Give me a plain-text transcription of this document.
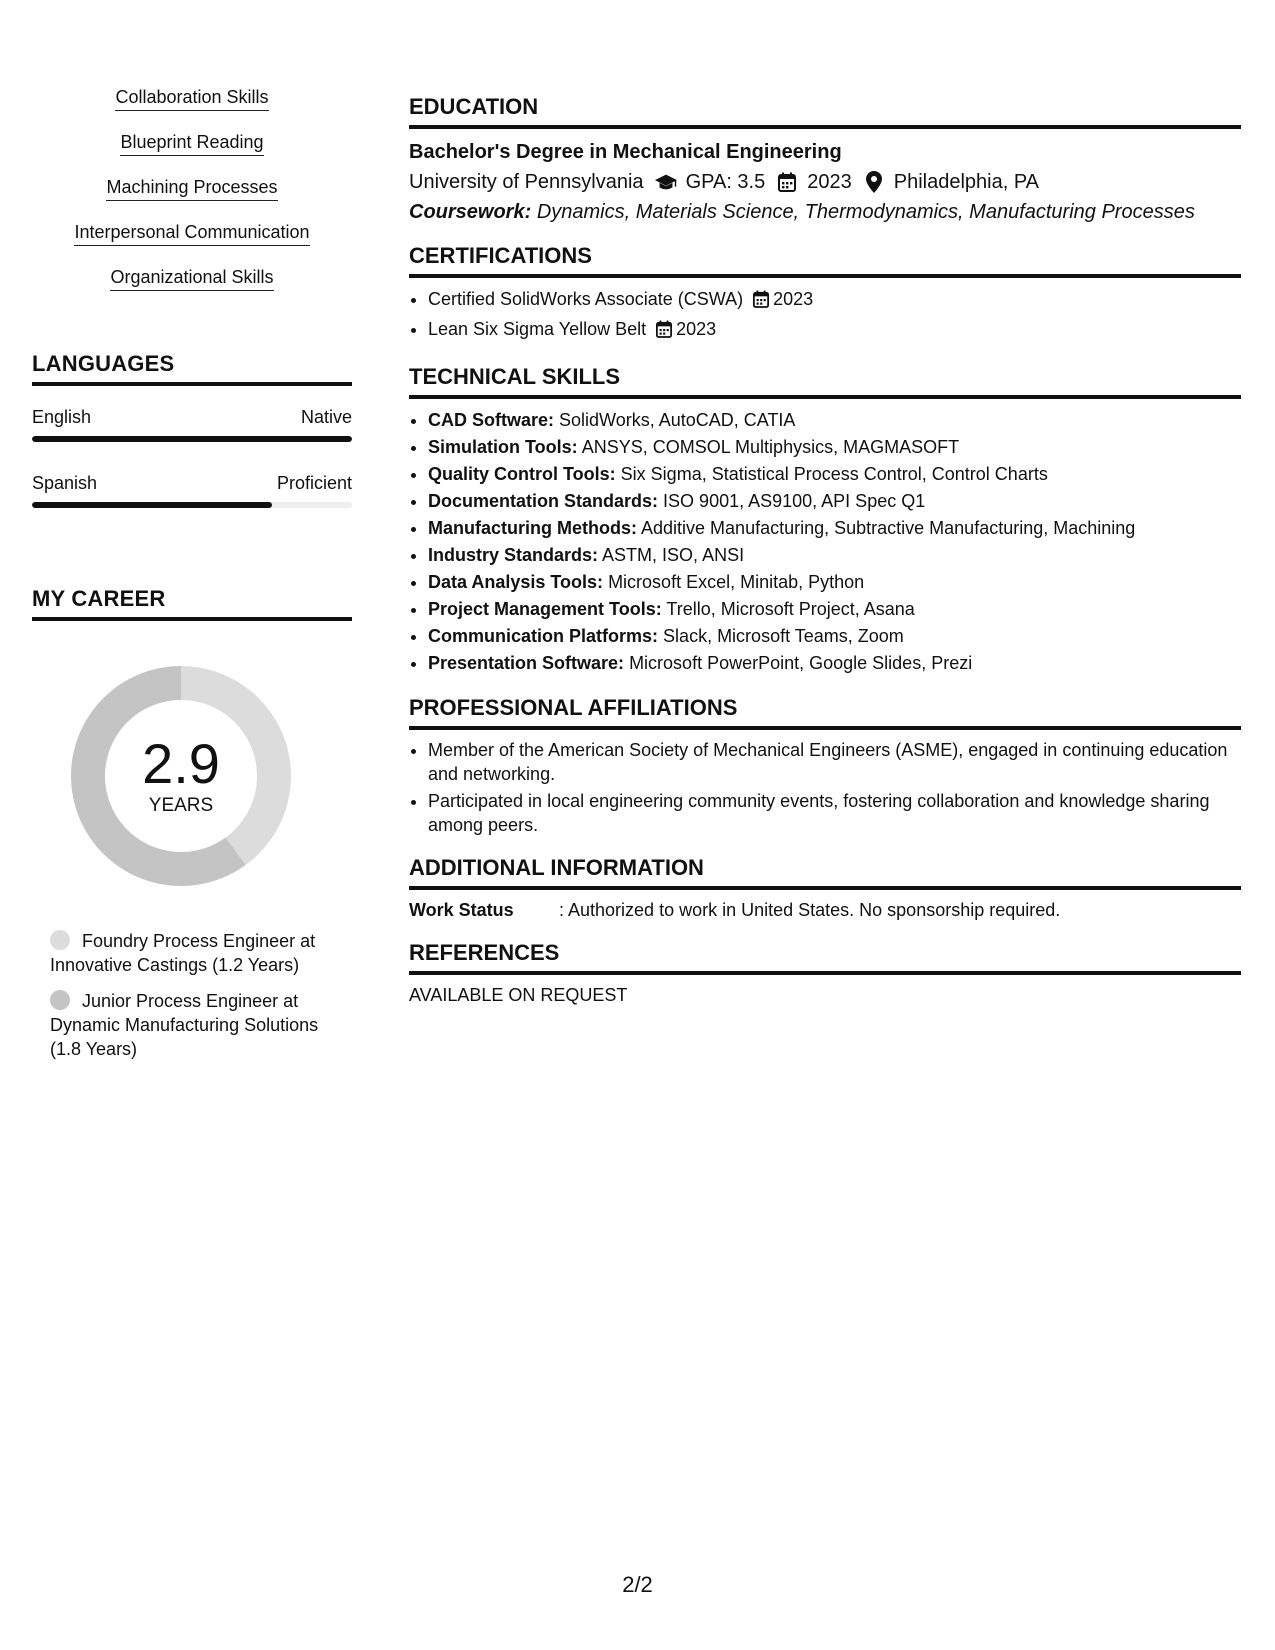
Collaboration Skills
Blueprint Reading
Machining Processes
Interpersonal Communication
Organizational Skills
LANGUAGES
English	Native
Spanish	Proficient
MY CAREER
2.9
YEARS
Foundry Process Engineer at Innovative Castings (1.2 Years)
Junior Process Engineer at Dynamic Manufacturing Solutions (1.8 Years)
EDUCATION
Bachelor's Degree in Mechanical Engineering
University of Pennsylvania GPA: 3.5 2023 Philadelphia, PA
Coursework: Dynamics, Materials Science, Thermodynamics, Manufacturing Processes
CERTIFICATIONS
• Certified SolidWorks Associate (CSWA) 2023
• Lean Six Sigma Yellow Belt 2023
TECHNICAL SKILLS
• CAD Software: SolidWorks, AutoCAD, CATIA
• Simulation Tools: ANSYS, COMSOL Multiphysics, MAGMASOFT
• Quality Control Tools: Six Sigma, Statistical Process Control, Control Charts
• Documentation Standards: ISO 9001, AS9100, API Spec Q1
• Manufacturing Methods: Additive Manufacturing, Subtractive Manufacturing, Machining
• Industry Standards: ASTM, ISO, ANSI
• Data Analysis Tools: Microsoft Excel, Minitab, Python
• Project Management Tools: Trello, Microsoft Project, Asana
• Communication Platforms: Slack, Microsoft Teams, Zoom
• Presentation Software: Microsoft PowerPoint, Google Slides, Prezi
PROFESSIONAL AFFILIATIONS
• Member of the American Society of Mechanical Engineers (ASME), engaged in continuing education and networking.
• Participated in local engineering community events, fostering collaboration and knowledge sharing among peers.
ADDITIONAL INFORMATION
Work Status	: Authorized to work in United States. No sponsorship required.
REFERENCES
AVAILABLE ON REQUEST
2/2
